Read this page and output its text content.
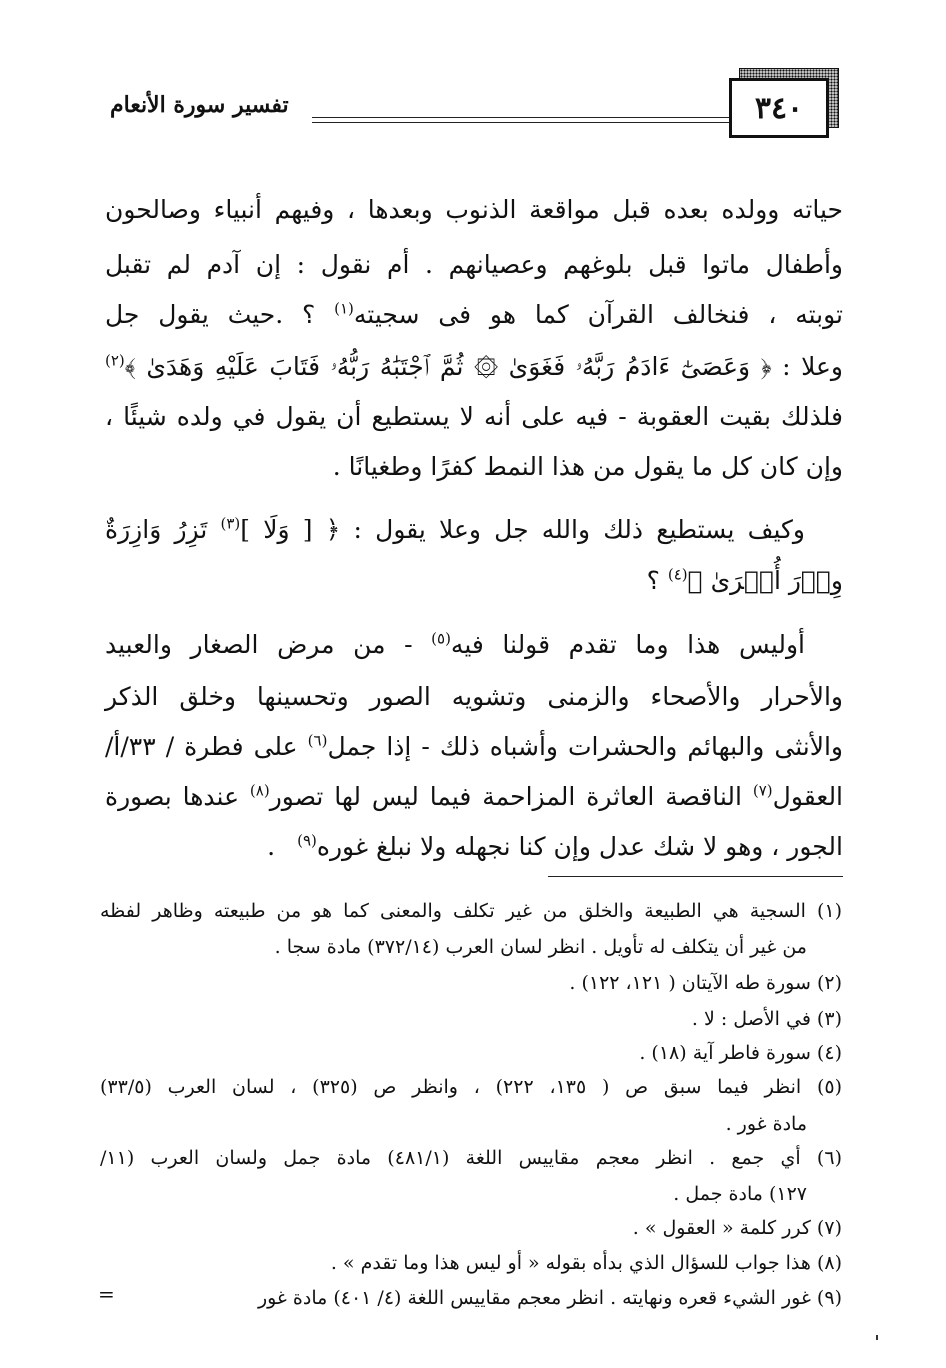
٣٤٠
تفسير سورة الأنعام
حياته وولده بعده قبل مواقعة الذنوب وبعدها ، وفيهم أنبياء وصالحون
وأطفال ماتوا قبل بلوغهم وعصيانهم . أم نقول : إن آدم لم تقبل
توبته ، فنخالف القرآن كما هو فى سجيته$^{(١)}$ ؟ .حيث يقول جل
وعلا : ﴿ وَعَصَىٰٓ ءَادَمُ رَبَّهُۥ فَغَوَىٰ ۞ ثُمَّ ٱجْتَبَٰهُ رَبُّهُۥ فَتَابَ عَلَيْهِ وَهَدَىٰ ﴾$^{(٢)}$
فلذلك بقيت العقوبة - فيه على أنه لا يستطيع أن يقول في ولده شيئًا ،
وإن كان كل ما يقول من هذا النمط كفرًا وطغيانًا .
وكيف يستطيع ذلك والله جل وعلا يقول : ﴿ [ وَلَا ]$^{(٣)}$ تَزِرُ وَازِرَةٌ
وِزۡرَ أُخۡرَىٰ ﴾$^{(٤)}$ ؟
أوليس هذا وما تقدم قولنا فيه$^{(٥)}$ - من مرض الصغار والعبيد
والأحرار والأصحاء والزمنى وتشويه الصور وتحسينها وخلق الذكر
والأنثى والبهائم والحشرات وأشباه ذلك - إذا جمل$^{(٦)}$ على فطرة / ٣٣/أ/
العقول$^{(٧)}$ الناقصة العاثرة المزاحمة فيما ليس لها تصور$^{(٨)}$ عندها بصورة
الجور ، وهو لا شك عدل وإن كنا نجهله ولا نبلغ غوره$^{(٩)}$ .
(١) السجية هي الطبيعة والخلق من غير تكلف والمعنى كما هو من طبيعته وظاهر لفظه
من غير أن يتكلف له تأويل . انظر لسان العرب (٣٧٢/١٤) مادة سجا .
(٢) سورة طه الآيتان ( ١٢١، ١٢٢) .
(٣) في الأصل : لا .
(٤) سورة فاطر آية (١٨) .
(٥) انظر فيما سبق ص ( ١٣٥، ٢٢٢) ، وانظر ص (٣٢٥) ، لسان العرب (٣٣/٥)
مادة غور .
(٦) أي جمع . انظر معجم مقاييس اللغة (٤٨١/١) مادة جمل ولسان العرب (١١/
١٢٧) مادة جمل .
(٧) كرر كلمة « العقول » .
(٨) هذا جواب للسؤال الذي بدأه بقوله « أو ليس هذا وما تقدم » .
(٩) غور الشيء قعره ونهايته . انظر معجم مقاييس اللغة (٤/ ٤٠١) مادة غور
=
